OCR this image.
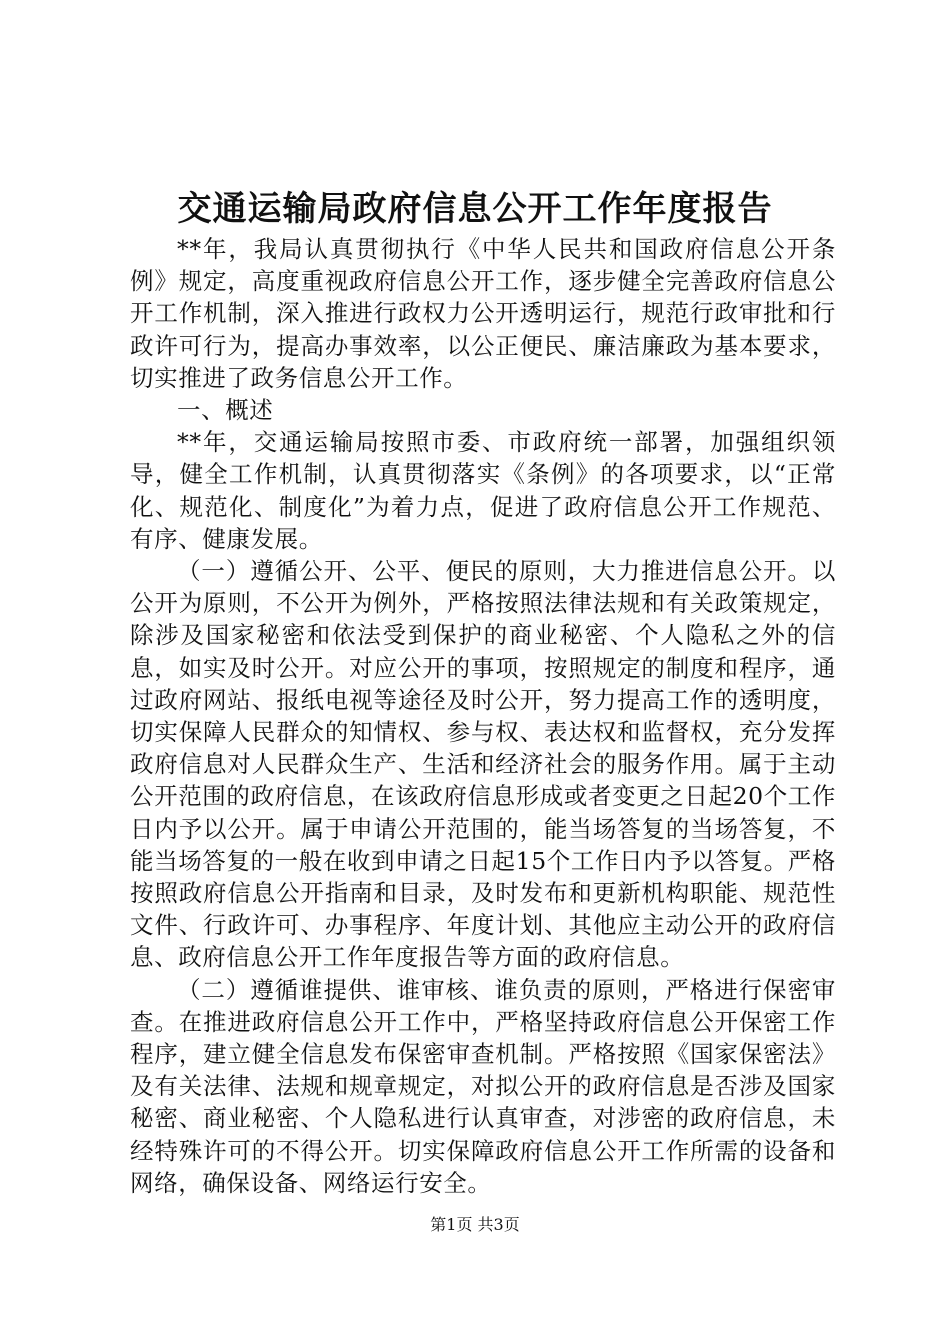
交通运输局政府信息公开工作年度报告

**年，我局认真贯彻执行《中华人民共和国政府信息公开条例》规定，高度重视政府信息公开工作，逐步健全完善政府信息公开工作机制，深入推进行政权力公开透明运行，规范行政审批和行政许可行为，提高办事效率，以公正便民、廉洁廉政为基本要求，切实推进了政务信息公开工作。

一、概述

**年，交通运输局按照市委、市政府统一部署，加强组织领导，健全工作机制，认真贯彻落实《条例》的各项要求，以“正常化、规范化、制度化”为着力点，促进了政府信息公开工作规范、有序、健康发展。

（一）遵循公开、公平、便民的原则，大力推进信息公开。以公开为原则，不公开为例外，严格按照法律法规和有关政策规定，除涉及国家秘密和依法受到保护的商业秘密、个人隐私之外的信息，如实及时公开。对应公开的事项，按照规定的制度和程序，通过政府网站、报纸电视等途径及时公开，努力提高工作的透明度，切实保障人民群众的知情权、参与权、表达权和监督权，充分发挥政府信息对人民群众生产、生活和经济社会的服务作用。属于主动公开范围的政府信息，在该政府信息形成或者变更之日起20个工作日内予以公开。属于申请公开范围的，能当场答复的当场答复，不能当场答复的一般在收到申请之日起15个工作日内予以答复。严格按照政府信息公开指南和目录，及时发布和更新机构职能、规范性文件、行政许可、办事程序、年度计划、其他应主动公开的政府信息、政府信息公开工作年度报告等方面的政府信息。

（二）遵循谁提供、谁审核、谁负责的原则，严格进行保密审查。在推进政府信息公开工作中，严格坚持政府信息公开保密工作程序，建立健全信息发布保密审查机制。严格按照《国家保密法》及有关法律、法规和规章规定，对拟公开的政府信息是否涉及国家秘密、商业秘密、个人隐私进行认真审查，对涉密的政府信息，未经特殊许可的不得公开。切实保障政府信息公开工作所需的设备和网络，确保设备、网络运行安全。

第1页 共3页
